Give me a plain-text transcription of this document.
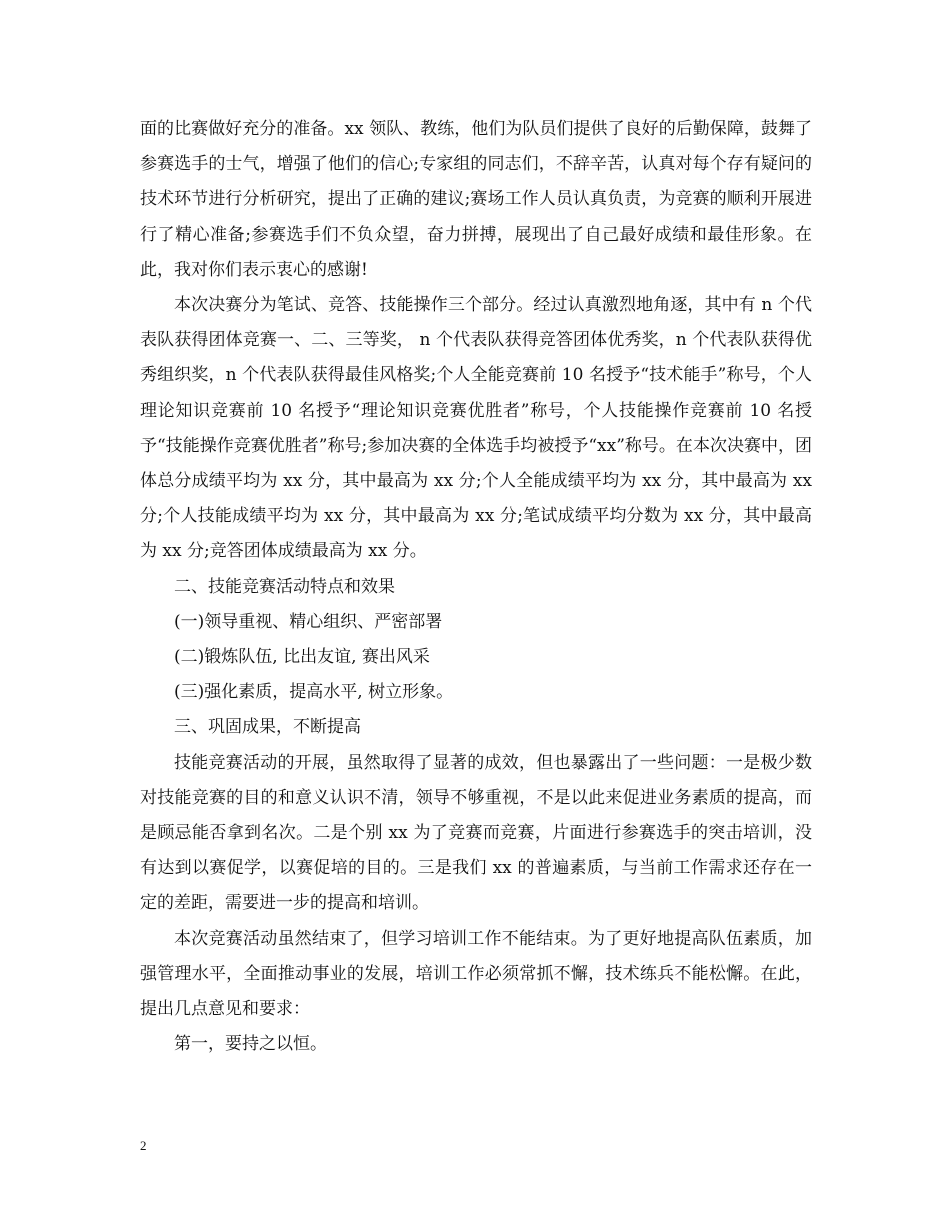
面的比赛做好充分的准备。xx 领队、教练，他们为队员们提供了良好的后勤保障，鼓舞了参赛选手的士气，增强了他们的信心;专家组的同志们，不辞辛苦，认真对每个存有疑问的技术环节进行分析研究，提出了正确的建议;赛场工作人员认真负责，为竞赛的顺利开展进行了精心准备;参赛选手们不负众望，奋力拼搏，展现出了自己最好成绩和最佳形象。在此，我对你们表示衷心的感谢!

本次决赛分为笔试、竞答、技能操作三个部分。经过认真激烈地角逐，其中有 n 个代表队获得团体竞赛一、二、三等奖， n 个代表队获得竞答团体优秀奖，n 个代表队获得优秀组织奖，n 个代表队获得最佳风格奖;个人全能竞赛前 10 名授予“技术能手”称号，个人理论知识竞赛前 10 名授予“理论知识竞赛优胜者”称号，个人技能操作竞赛前 10 名授予“技能操作竞赛优胜者”称号;参加决赛的全体选手均被授予“xx”称号。在本次决赛中，团体总分成绩平均为 xx 分，其中最高为 xx 分;个人全能成绩平均为 xx 分，其中最高为 xx 分;个人技能成绩平均为 xx 分，其中最高为 xx 分;笔试成绩平均分数为 xx 分，其中最高为 xx 分;竞答团体成绩最高为 xx 分。

二、技能竞赛活动特点和效果

(一)领导重视、精心组织、严密部署

(二)锻炼队伍, 比出友谊, 赛出风采

(三)强化素质，提高水平, 树立形象。

三、巩固成果，不断提高

技能竞赛活动的开展，虽然取得了显著的成效，但也暴露出了一些问题：一是极少数对技能竞赛的目的和意义认识不清，领导不够重视，不是以此来促进业务素质的提高，而是顾忌能否拿到名次。二是个别 xx 为了竞赛而竞赛，片面进行参赛选手的突击培训，没有达到以赛促学，以赛促培的目的。三是我们 xx 的普遍素质，与当前工作需求还存在一定的差距，需要进一步的提高和培训。

本次竞赛活动虽然结束了，但学习培训工作不能结束。为了更好地提高队伍素质，加强管理水平，全面推动事业的发展，培训工作必须常抓不懈，技术练兵不能松懈。在此，提出几点意见和要求：

第一，要持之以恒。

2
